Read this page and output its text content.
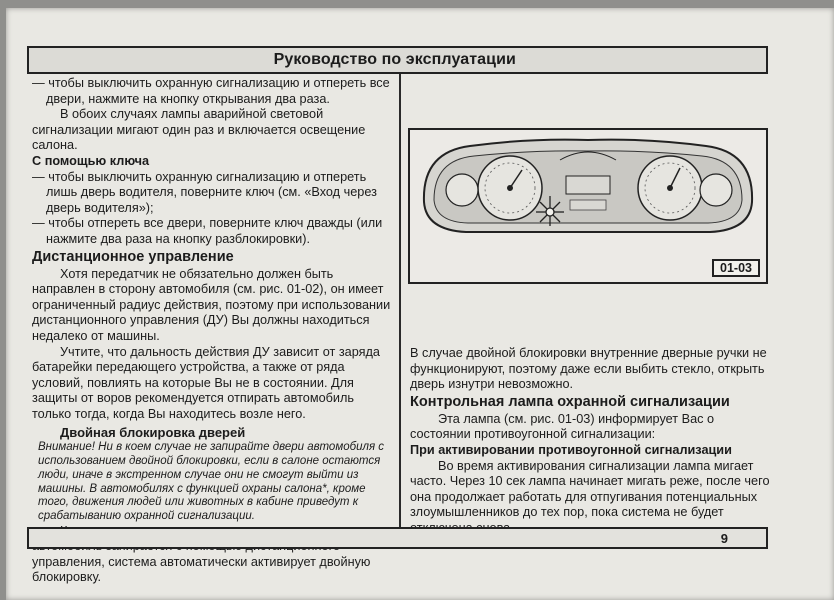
Руководство по эксплуатации

— чтобы выключить охранную сигнализацию и отпереть все двери, нажмите на кнопку открывания два раза.

В обоих случаях лампы аварийной световой сигнализации мигают один раз и включается освещение салона.

С помощью ключа

— чтобы выключить охранную сигнализацию и отпереть лишь дверь водителя, поверните ключ (см. «Вход через дверь водителя»);

— чтобы отпереть все двери, поверните ключ дважды (или нажмите два раза на кнопку разблокировки).

Дистанционное управление

Хотя передатчик не обязательно должен быть направлен в сторону автомобиля (см. рис. 01-02), он имеет ограниченный радиус действия, поэтому при использовании дистанционного управления (ДУ) Вы должны находиться недалеко от машины.

Учтите, что дальность действия ДУ зависит от заряда батарейки передающего устройства, а также от ряда условий, повлиять на которые Вы не в состоянии. Для защиты от воров рекомендуется отпирать автомобиль только тогда, когда Вы находитесь возле него.

Двойная блокировка дверей

Внимание! Ни в коем случае не запирайте двери автомобиля с использованием двойной блокировки, если в салоне остаются люди, иначе в экстренном случае они не смогут выйти из машины. В автомобилях с функцией охраны салона*, кроме того, движения людей или животных в кабине приведут к срабатыванию охранной сигнализации.

управления, система автоматически активирует двойную блокировку.

01-03

В случае двойной блокировки внутренние дверные ручки не функционируют, поэтому даже если выбить стекло, открыть дверь изнутри невозможно.

Контрольная лампа охранной сигнализации

Эта лампа (см. рис. 01-03) информирует Вас о состоянии противоугонной сигнализации:

При активировании противоугонной сигнализации

Во время активирования сигнализации лампа мигает часто. Через 10 сек лампа начинает мигать реже, после чего она продолжает работать для отпугивания потенциальных злоумышленников до тех пор, пока система не будет

9
